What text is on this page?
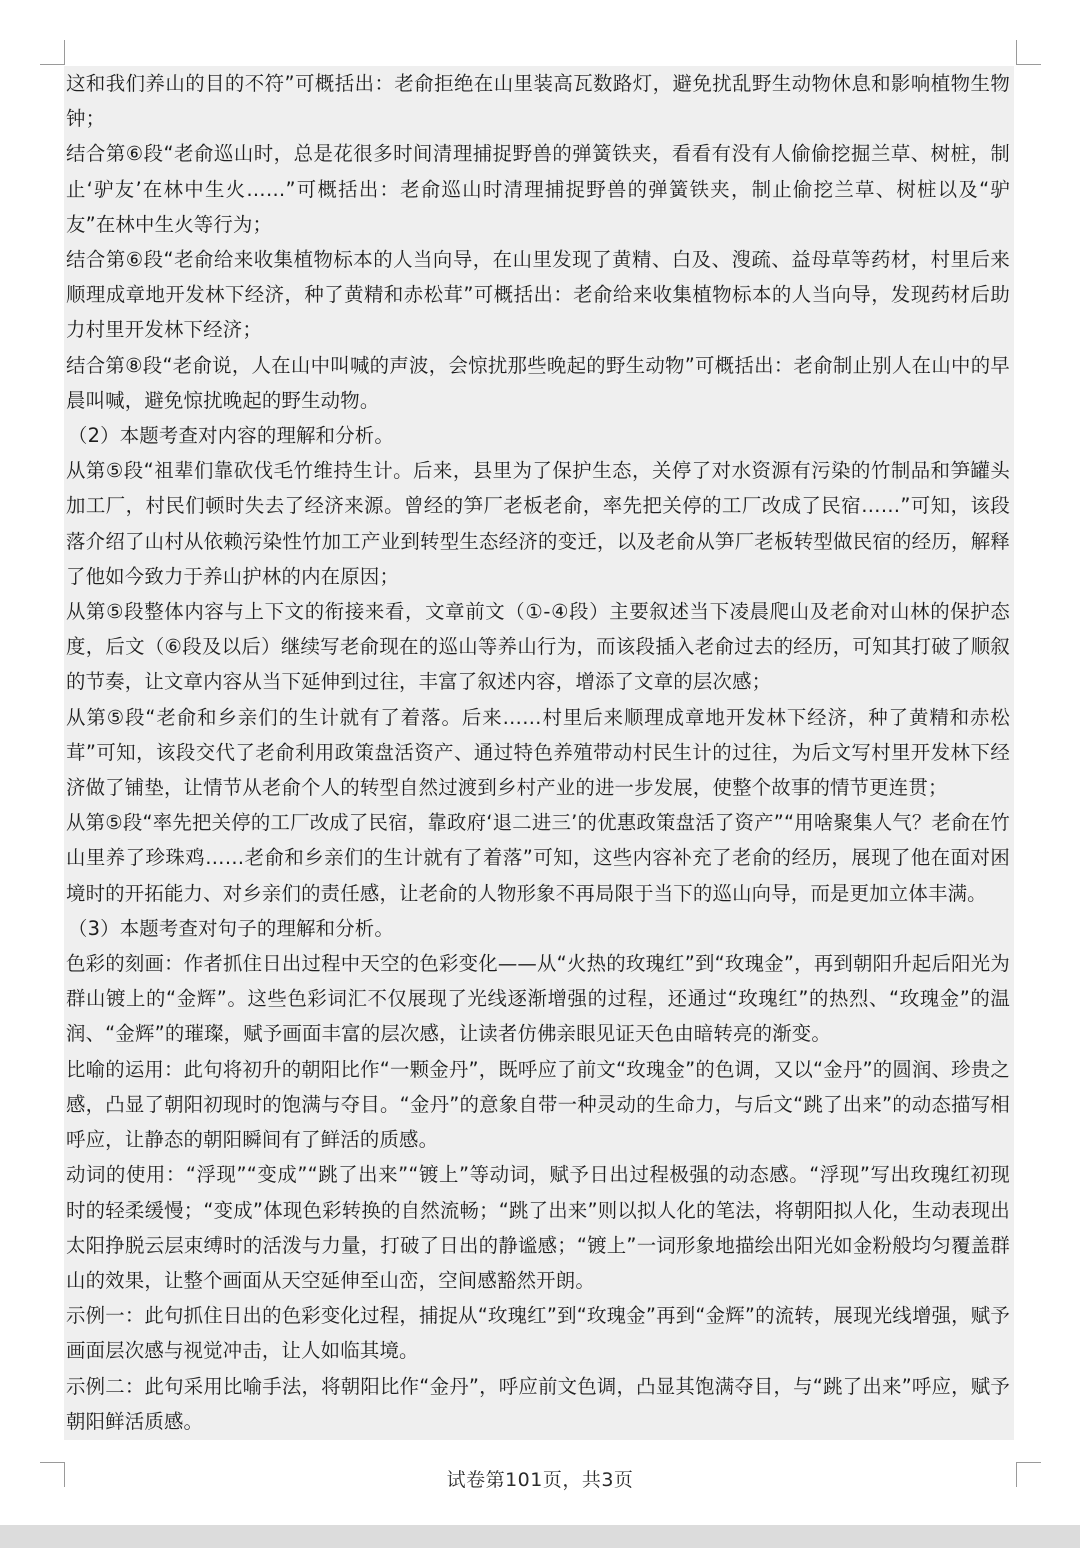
这和我们养山的目的不符”可概括出：老俞拒绝在山里装高瓦数路灯，避免扰乱野生动物休息和影响植物生物钟；

结合第⑥段“老俞巡山时，总是花很多时间清理捕捉野兽的弹簧铁夹，看看有没有人偷偷挖掘兰草、树桩，制止‘驴友’在林中生火……”可概括出：老俞巡山时清理捕捉野兽的弹簧铁夹，制止偷挖兰草、树桩以及“驴友”在林中生火等行为；

结合第⑥段“老俞给来收集植物标本的人当向导，在山里发现了黄精、白及、溲疏、益母草等药材，村里后来顺理成章地开发林下经济，种了黄精和赤松茸”可概括出：老俞给来收集植物标本的人当向导，发现药材后助力村里开发林下经济；

结合第⑧段“老俞说，人在山中叫喊的声波，会惊扰那些晚起的野生动物”可概括出：老俞制止别人在山中的早晨叫喊，避免惊扰晚起的野生动物。

（2）本题考查对内容的理解和分析。

从第⑤段“祖辈们靠砍伐毛竹维持生计。后来，县里为了保护生态，关停了对水资源有污染的竹制品和笋罐头加工厂，村民们顿时失去了经济来源。曾经的笋厂老板老俞，率先把关停的工厂改成了民宿……”可知，该段落介绍了山村从依赖污染性竹加工产业到转型生态经济的变迁，以及老俞从笋厂老板转型做民宿的经历，解释了他如今致力于养山护林的内在原因；

从第⑤段整体内容与上下文的衔接来看，文章前文（①-④段）主要叙述当下凌晨爬山及老俞对山林的保护态度，后文（⑥段及以后）继续写老俞现在的巡山等养山行为，而该段插入老俞过去的经历，可知其打破了顺叙的节奏，让文章内容从当下延伸到过往，丰富了叙述内容，增添了文章的层次感；

从第⑤段“老俞和乡亲们的生计就有了着落。后来……村里后来顺理成章地开发林下经济，种了黄精和赤松茸”可知，该段交代了老俞利用政策盘活资产、通过特色养殖带动村民生计的过往，为后文写村里开发林下经济做了铺垫，让情节从老俞个人的转型自然过渡到乡村产业的进一步发展，使整个故事的情节更连贯；

从第⑤段“率先把关停的工厂改成了民宿，靠政府‘退二进三’的优惠政策盘活了资产”“用啥聚集人气？老俞在竹山里养了珍珠鸡……老俞和乡亲们的生计就有了着落”可知，这些内容补充了老俞的经历，展现了他在面对困境时的开拓能力、对乡亲们的责任感，让老俞的人物形象不再局限于当下的巡山向导，而是更加立体丰满。

（3）本题考查对句子的理解和分析。

色彩的刻画：作者抓住日出过程中天空的色彩变化——从“火热的玫瑰红”到“玫瑰金”，再到朝阳升起后阳光为群山镀上的“金辉”。这些色彩词汇不仅展现了光线逐渐增强的过程，还通过“玫瑰红”的热烈、“玫瑰金”的温润、“金辉”的璀璨，赋予画面丰富的层次感，让读者仿佛亲眼见证天色由暗转亮的渐变。

比喻的运用：此句将初升的朝阳比作“一颗金丹”，既呼应了前文“玫瑰金”的色调，又以“金丹”的圆润、珍贵之感，凸显了朝阳初现时的饱满与夺目。“金丹”的意象自带一种灵动的生命力，与后文“跳了出来”的动态描写相呼应，让静态的朝阳瞬间有了鲜活的质感。

动词的使用：“浮现”“变成”“跳了出来”“镀上”等动词，赋予日出过程极强的动态感。“浮现”写出玫瑰红初现时的轻柔缓慢；“变成”体现色彩转换的自然流畅；“跳了出来”则以拟人化的笔法，将朝阳拟人化，生动表现出太阳挣脱云层束缚时的活泼与力量，打破了日出的静谧感；“镀上”一词形象地描绘出阳光如金粉般均匀覆盖群山的效果，让整个画面从天空延伸至山峦，空间感豁然开朗。

示例一：此句抓住日出的色彩变化过程，捕捉从“玫瑰红”到“玫瑰金”再到“金辉”的流转，展现光线增强，赋予画面层次感与视觉冲击，让人如临其境。

示例二：此句采用比喻手法，将朝阳比作“金丹”，呼应前文色调，凸显其饱满夺目，与“跳了出来”呼应，赋予朝阳鲜活质感。

试卷第101页，共3页
